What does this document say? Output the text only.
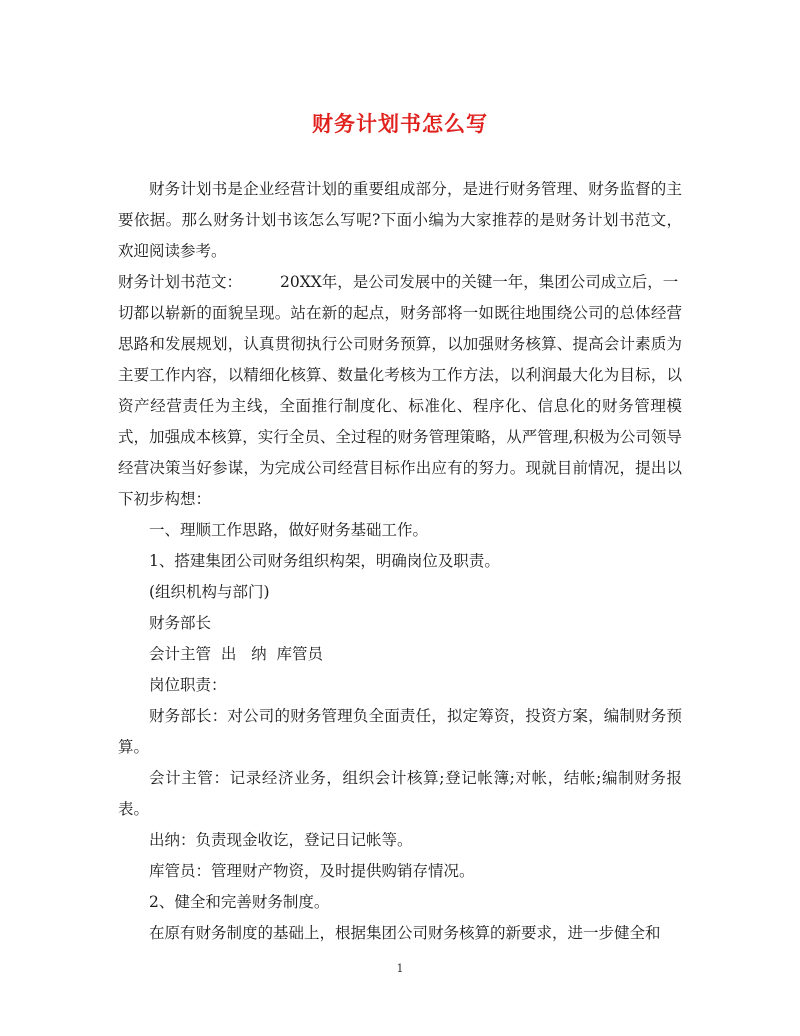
财务计划书怎么写

财务计划书是企业经营计划的重要组成部分，是进行财务管理、财务监督的主要依据。那么财务计划书该怎么写呢?下面小编为大家推荐的是财务计划书范文，欢迎阅读参考。

财务计划书范文： 20XX年，是公司发展中的关键一年，集团公司成立后，一

切都以崭新的面貌呈现。站在新的起点，财务部将一如既往地围绕公司的总体经营思路和发展规划，认真贯彻执行公司财务预算，以加强财务核算、提高会计素质为主要工作内容，以精细化核算、数量化考核为工作方法，以利润最大化为目标，以资产经营责任为主线，全面推行制度化、标准化、程序化、信息化的财务管理模式，加强成本核算，实行全员、全过程的财务管理策略，从严管理,积极为公司领导经营决策当好参谋，为完成公司经营目标作出应有的努力。现就目前情况，提出以下初步构想：

一、理顺工作思路，做好财务基础工作。

1、搭建集团公司财务组织构架，明确岗位及职责。

(组织机构与部门)

财务部长

会计主管  出   纳  库管员

岗位职责：

财务部长：对公司的财务管理负全面责任，拟定筹资，投资方案，编制财务预算。

会计主管：记录经济业务，组织会计核算;登记帐簿;对帐，结帐;编制财务报表。

出纳：负责现金收讫，登记日记帐等。

库管员：管理财产物资，及时提供购销存情况。

2、健全和完善财务制度。

在原有财务制度的基础上，根据集团公司财务核算的新要求，进一步健全和

1
